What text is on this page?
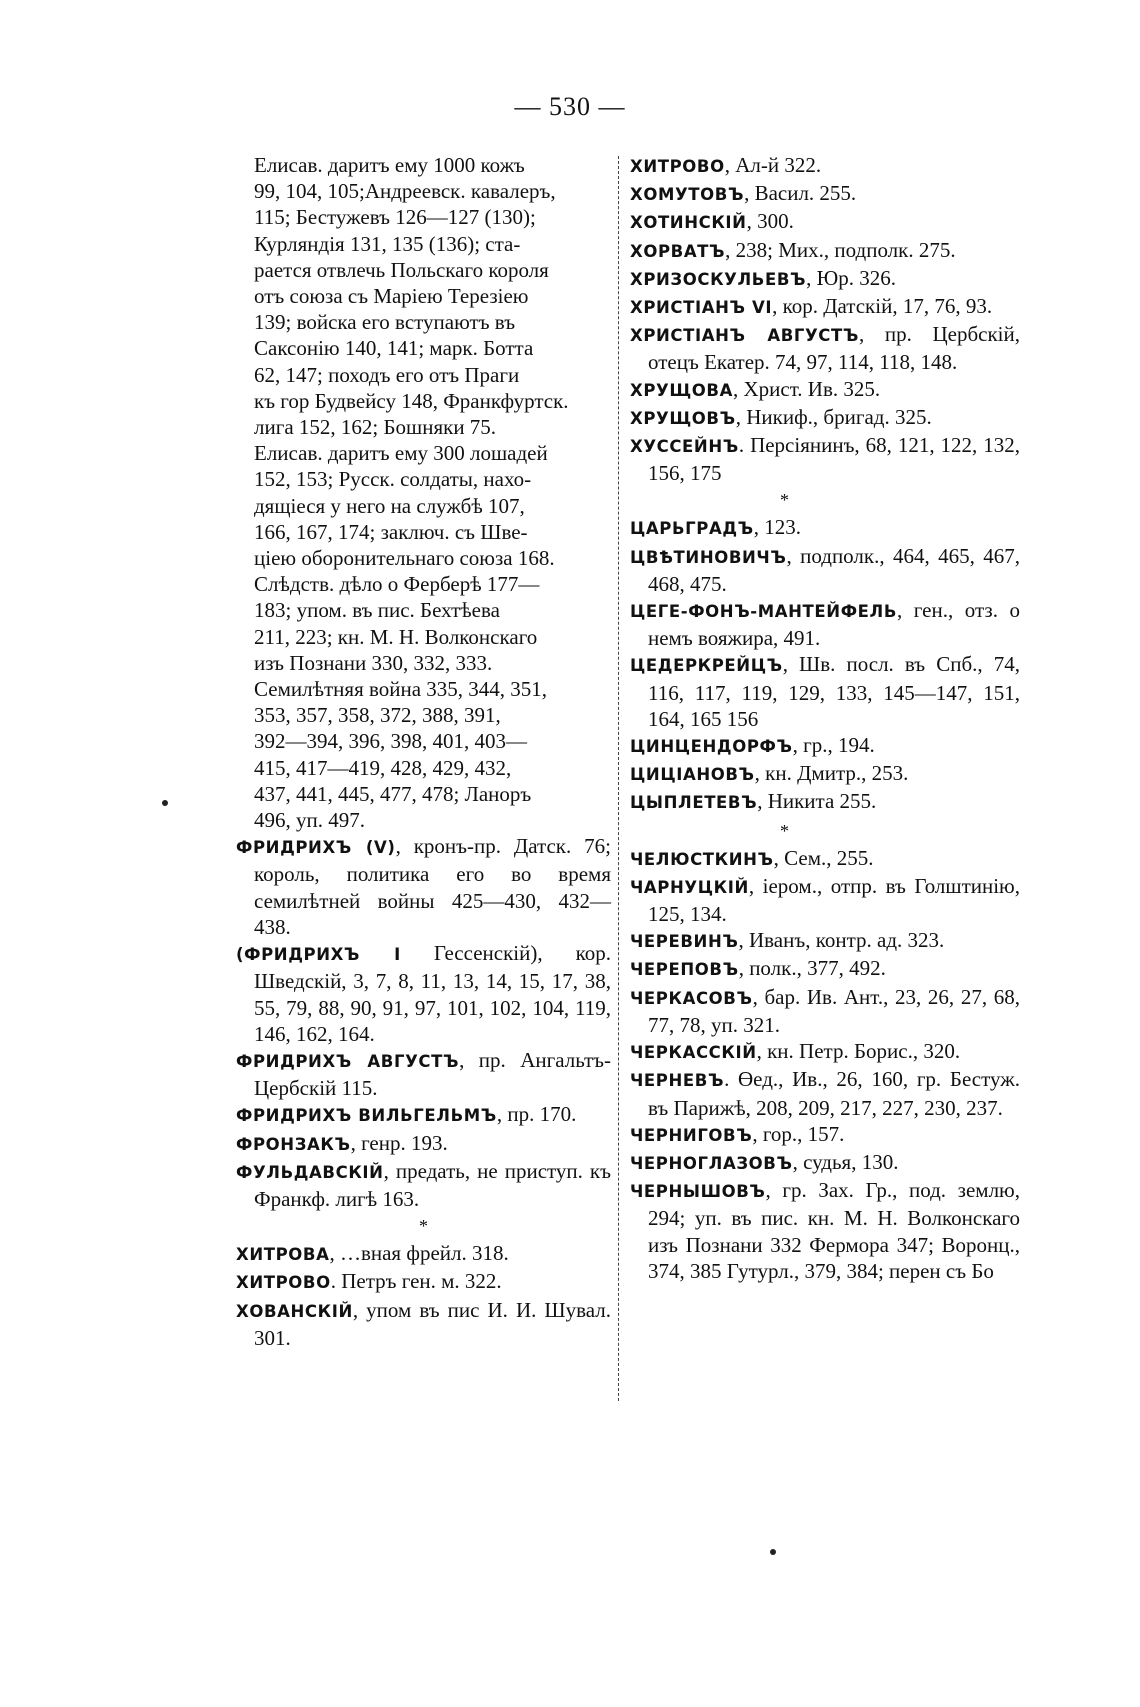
— 530 —
Елисав. даритъ ему 1000 кожъ
99, 104, 105;Андреевск. кавалеръ,
115; Бестужевъ 126—127 (130);
Курляндія 131, 135 (136); ста-
рается отвлечь Польскаго короля
отъ союза съ Маріею Терезіею
139; войска его вступаютъ въ
Саксонію 140, 141; марк. Ботта
62, 147; походъ его отъ Праги
къ гор Будвейсу 148, Франкфуртск.
лига 152, 162; Бошняки 75.
Елисав. даритъ ему 300 лошадей
152, 153; Русск. солдаты, нахо-
дящіеся у него на службѣ 107,
166, 167, 174; заключ. съ Шве-
ціею оборонительнаго союза 168.
Слѣдств. дѣло о Ферберѣ 177—
183; упом. въ пис. Бехтѣева
211, 223; кн. М. Н. Волконскаго
изъ Познани 330, 332, 333.
Семилѣтняя война 335, 344, 351,
353, 357, 358, 372, 388, 391,
392—394, 396, 398, 401, 403—
415, 417—419, 428, 429, 432,
437, 441, 445, 477, 478; Ланоръ
496, уп. 497.

ФРИДРИХЪ (V), кронъ-пр. Датск. 76; король, политика его во время семилѣтней войны 425—430, 432—438.

(ФРИДРИХЪ I Гессенскій), кор. Шведскій, 3, 7, 8, 11, 13, 14, 15, 17, 38, 55, 79, 88, 90, 91, 97, 101, 102, 104, 119, 146, 162, 164.

ФРИДРИХЪ АВГУСТЪ, пр. Ангальтъ-Цербскій 115.

ФРИДРИХЪ ВИЛЬГЕЛЬМЪ, пр. 170.

ФРОНЗАКЪ, генр. 193.

ФУЛЬДАВСКІЙ, предать, не приступ. къ Франкф. лигѣ 163.

*

ХИТРОВА, …вная фрейл. 318.

ХИТРОВО. Петръ ген. м. 322.

ХОВАНСКІЙ, упом въ пис И. И. Шувал. 301.

ХИТРОВО, Ал-й 322.

ХОМУТОВЪ, Васил. 255.

ХОТИНСКІЙ, 300.

ХОРВАТЪ, 238; Мих., подполк. 275.

ХРИЗОСКУЛЬЕВЪ, Юр. 326.

ХРИСТІАНЪ VI, кор. Датскій, 17, 76, 93.

ХРИСТІАНЪ АВГУСТЪ, пр. Цербскій, отецъ Екатер. 74, 97, 114, 118, 148.

ХРУЩОВА, Христ. Ив. 325.

ХРУЩОВЪ, Никиф., бригад. 325.

ХУССЕЙНЪ. Персіянинъ, 68, 121, 122, 132, 156, 175

*

ЦАРЬГРАДЪ, 123.

ЦВѢТИНОВИЧЪ, подполк., 464, 465, 467, 468, 475.

ЦЕГЕ-ФОНЪ-МАНТЕЙФЕЛЬ, ген., отз. о немъ вояжира, 491.

ЦЕДЕРКРЕЙЦЪ, Шв. посл. въ Спб., 74, 116, 117, 119, 129, 133, 145—147, 151, 164, 165 156

ЦИНЦЕНДОРФЪ, гр., 194.

ЦИЦІАНОВЪ, кн. Дмитр., 253.

ЦЫПЛЕТЕВЪ, Никита 255.

*

ЧЕЛЮСТКИНЪ, Сем., 255.

ЧАРНУЦКІЙ, іером., отпр. въ Голштинію, 125, 134.

ЧЕРЕВИНЪ, Иванъ, контр. ад. 323.

ЧЕРЕПОВЪ, полк., 377, 492.

ЧЕРКАСОВЪ, бар. Ив. Ант., 23, 26, 27, 68, 77, 78, уп. 321.

ЧЕРКАССКІЙ, кн. Петр. Борис., 320.

ЧЕРНЕВЪ. Өед., Ив., 26, 160, гр. Бестуж. въ Парижѣ, 208, 209, 217, 227, 230, 237.

ЧЕРНИГОВЪ, гор., 157.

ЧЕРНОГЛАЗОВЪ, судья, 130.

ЧЕРНЫШОВЪ, гр. Зах. Гр., под. землю, 294; уп. въ пис. кн. М. Н. Волконскаго изъ Познани 332 Фермора 347; Воронц., 374, 385 Гутурл., 379, 384; перен съ Бо
